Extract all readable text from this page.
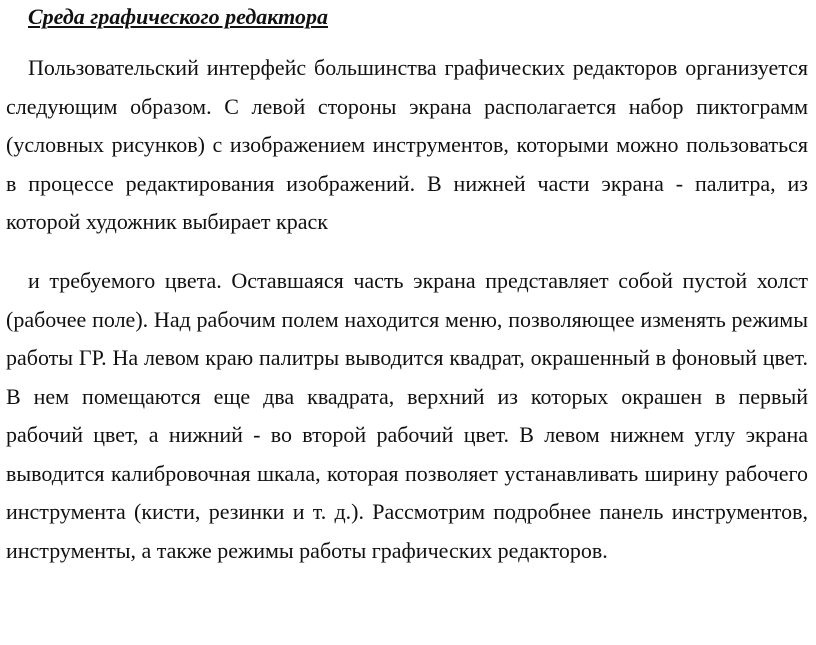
Среда графического редактора

Пользовательский интерфейс большинства графических редакторов организуется следующим образом. С левой стороны экрана располагается набор пиктограмм (условных рисунков) с изображением инструментов, которыми можно пользоваться в процессе редактирования изображений. В нижней части экрана - палитра, из которой художник выбирает краск

и требуемого цвета. Оставшаяся часть экрана представляет собой пустой холст (рабочее поле). Над рабочим полем находится меню, позволяющее изменять режимы работы ГР. На левом краю палитры выводится квадрат, окрашенный в фоновый цвет. В нем помещаются еще два квадрата, верхний из которых окрашен в первый рабочий цвет, а нижний - во второй рабочий цвет. В левом нижнем углу экрана выводится калибровочная шкала, которая позволяет устанавливать ширину рабочего инструмента (кисти, резинки и т. д.). Рассмотрим подробнее панель инструментов, инструменты, а также режимы работы графических редакторов.
